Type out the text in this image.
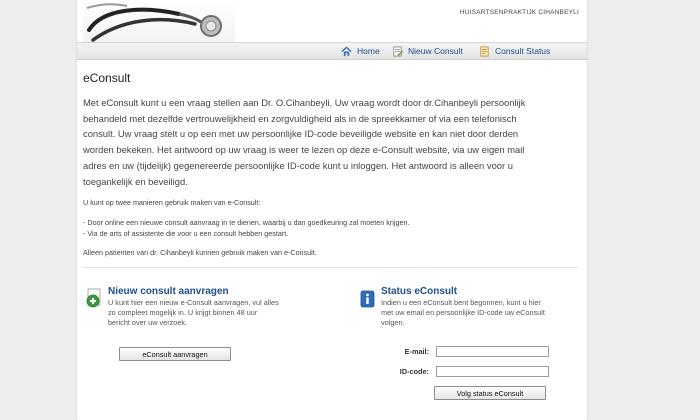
HUISARTSENPRAKTIJK CIHANBEYLI
Home	Nieuw Consult	Consult Status
eConsult
Met eConsult kunt u een vraag stellen aan Dr. O.Cihanbeyli. Uw vraag wordt door dr.Cihanbeyli persoonlijk
behandeld met dezelfde vertrouwelijkheid en zorgvuldigheid als in de spreekkamer of via een telefonisch
consult. Uw vraag stelt u op een met uw persoonlijke ID-code beveiligde website en kan niet door derden
worden bekeken. Het antwoord op uw vraag is weer te lezen op deze e-Consult website, via uw eigen mail
adres en uw (tijdelijk) gegenereerde persoonlijke ID-code kunt u inloggen. Het antwoord is alleen voor u
toegankelijk en beveiligd.
U kunt op twee manieren gebruik maken van e-Consult:
- Door online een nieuwe consult aanvraag in te dienen, waarbij u dan goedkeuring zal moeten krijgen.
- Via de arts of assistente die voor u een consult hebben gestart.
Alleen patienten van dr. Cihanbeyli kunnen gebruik maken van e-Consult.
Nieuw consult aanvragen
U kunt hier een nieuw e-Consult aanvragen, vul alles
zo compleet mogelijk in. U krijgt binnen 48 uur
bericht over uw verzoek.
eConsult aanvragen
Status eConsult
Indien u een eConsult bent begonnen, kunt u hier
met uw email en persoonlijke ID-code uw eConsult
volgen.
E-mail:
ID-code:
Volg status eConsult
